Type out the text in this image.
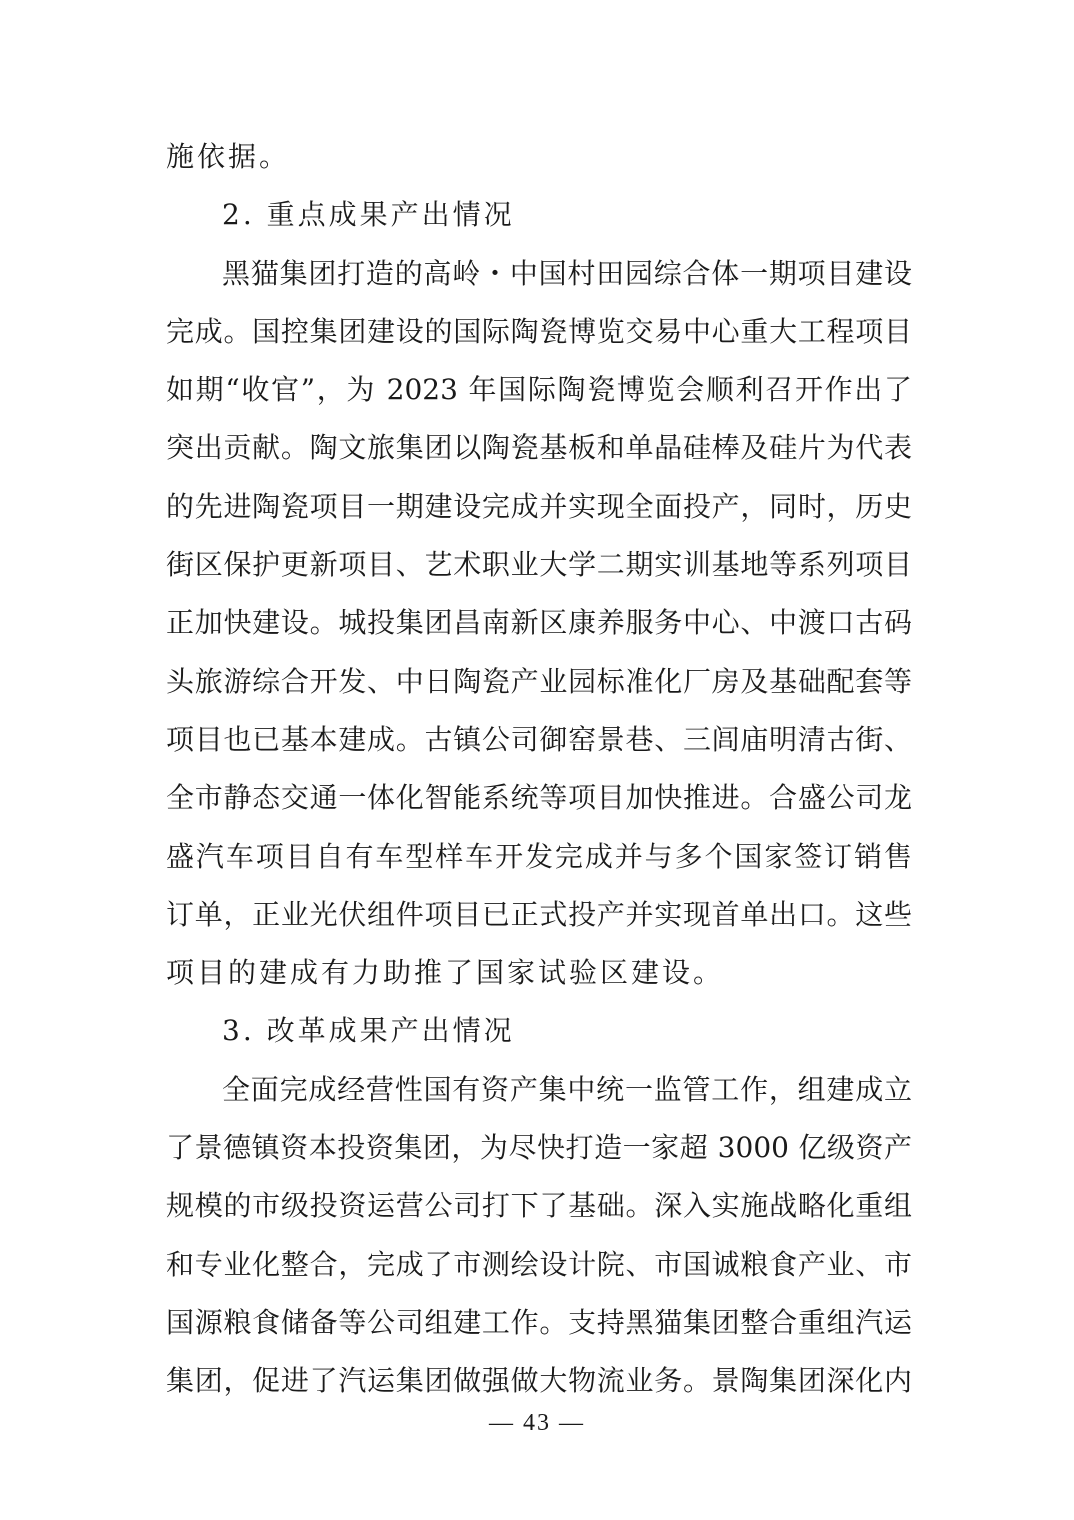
施依据。
2. 重点成果产出情况
黑猫集团打造的高岭・中国村田园综合体一期项目建设
完成。国控集团建设的国际陶瓷博览交易中心重大工程项目
如期“收官”，为 2023 年国际陶瓷博览会顺利召开作出了
突出贡献。陶文旅集团以陶瓷基板和单晶硅棒及硅片为代表
的先进陶瓷项目一期建设完成并实现全面投产，同时，历史
街区保护更新项目、艺术职业大学二期实训基地等系列项目
正加快建设。城投集团昌南新区康养服务中心、中渡口古码
头旅游综合开发、中日陶瓷产业园标准化厂房及基础配套等
项目也已基本建成。古镇公司御窑景巷、三闾庙明清古街、
全市静态交通一体化智能系统等项目加快推进。合盛公司龙
盛汽车项目自有车型样车开发完成并与多个国家签订销售
订单，正业光伏组件项目已正式投产并实现首单出口。这些
项目的建成有力助推了国家试验区建设。
3. 改革成果产出情况
全面完成经营性国有资产集中统一监管工作，组建成立
了景德镇资本投资集团，为尽快打造一家超 3000 亿级资产
规模的市级投资运营公司打下了基础。深入实施战略化重组
和专业化整合，完成了市测绘设计院、市国诚粮食产业、市
国源粮食储备等公司组建工作。支持黑猫集团整合重组汽运
集团，促进了汽运集团做强做大物流业务。景陶集团深化内
— 43 —
